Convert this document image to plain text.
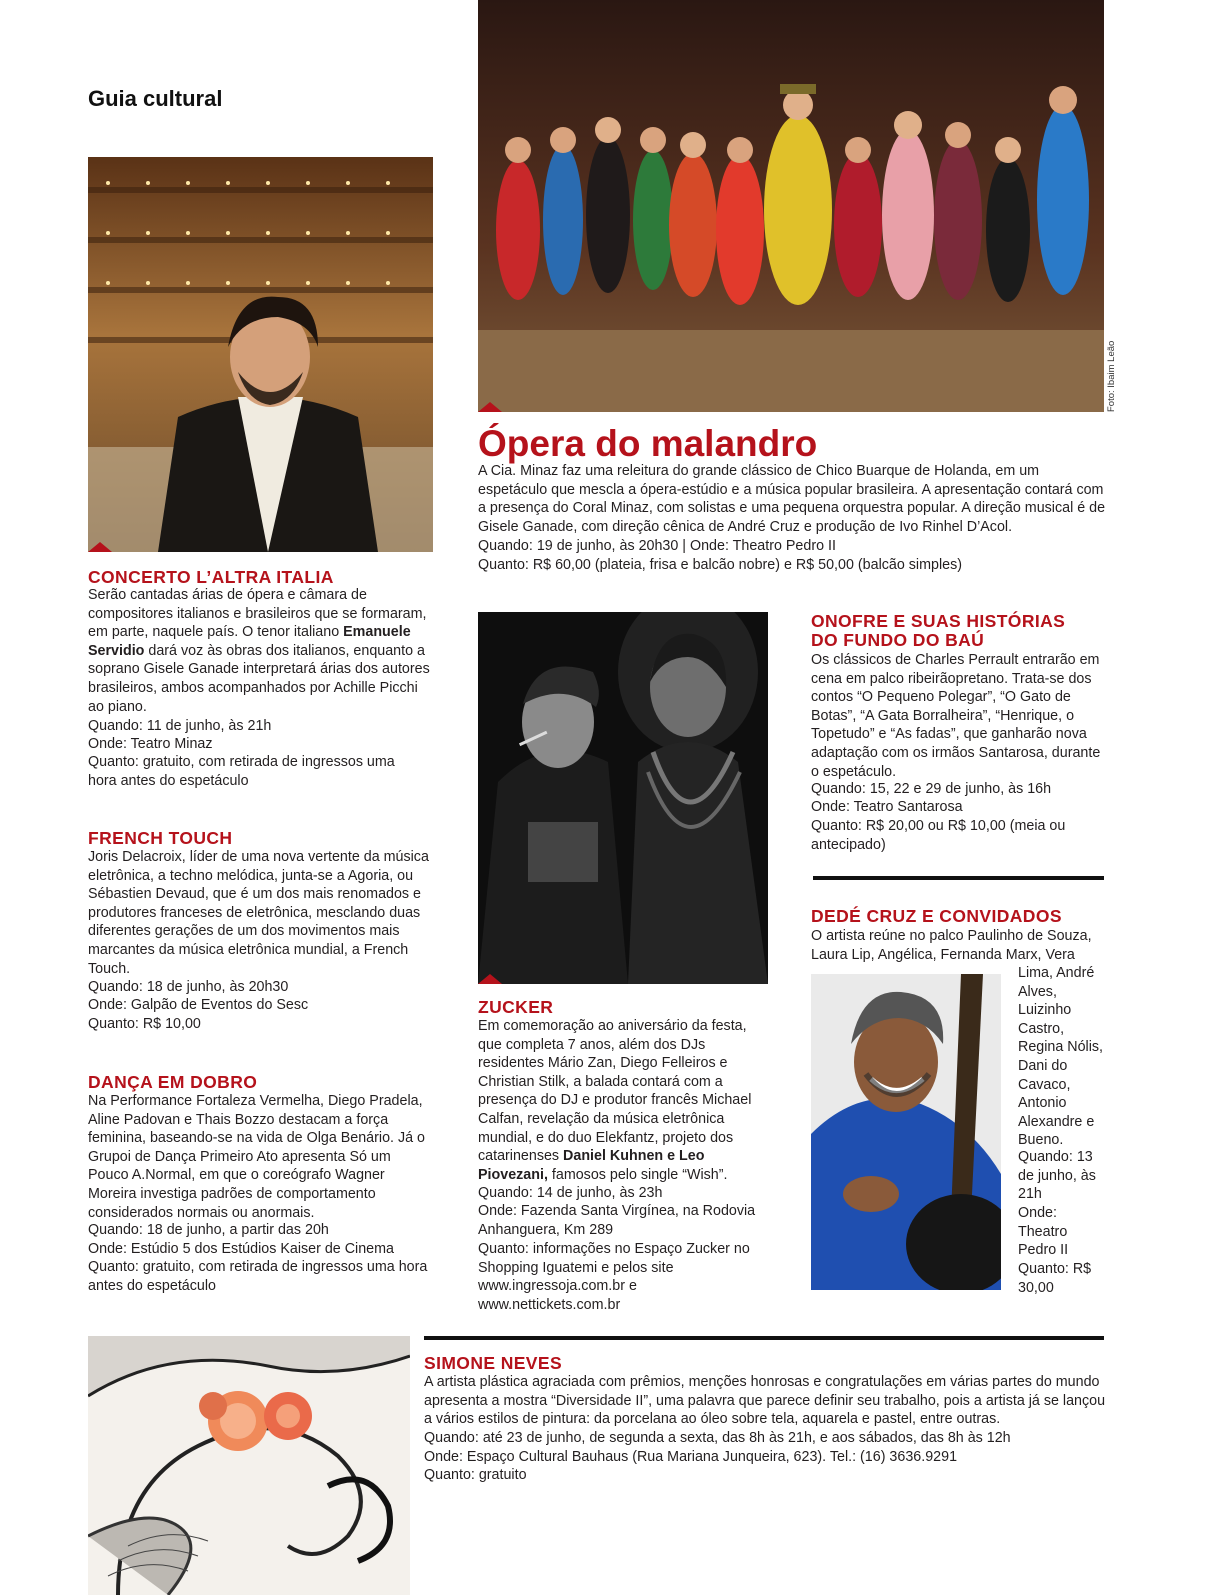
Guia cultural
Foto: Ibaim Leão
Ópera do malandro
A Cia. Minaz faz uma releitura do grande clássico de Chico Buarque de Holanda, em um espetáculo que mescla a ópera-estúdio e a música popular brasileira. A apresentação contará com a presença do Coral Minaz, com solistas e uma pequena orquestra popular. A direção musical é de Gisele Ganade, com direção cênica de André Cruz e produção de Ivo Rinhel D’Acol.
Quando: 19 de junho, às 20h30 | Onde: Theatro Pedro II
Quanto: R$ 60,00 (plateia, frisa e balcão nobre) e R$ 50,00 (balcão simples)
CONCERTO L’ALTRA ITALIA
Serão cantadas árias de ópera e câmara de compositores italianos e brasileiros que se formaram, em parte, naquele país. O tenor italiano Emanuele Servidio dará voz às obras dos italianos, enquanto a soprano Gisele Ganade interpretará árias dos autores brasileiros, ambos acompanhados por Achille Picchi ao piano.
Quando: 11 de junho, às 21h
Onde: Teatro Minaz
Quanto: gratuito, com retirada de ingressos uma hora antes do espetáculo
FRENCH TOUCH
Joris Delacroix, líder de uma nova vertente da música eletrônica, a techno melódica, junta-se a Agoria, ou Sébastien Devaud, que é um dos mais renomados e produtores franceses de eletrônica, mesclando duas diferentes gerações de um dos movimentos mais marcantes da música eletrônica mundial, a French Touch.
Quando: 18 de junho, às 20h30
Onde: Galpão de Eventos do Sesc
Quanto: R$ 10,00
DANÇA EM DOBRO
Na Performance Fortaleza Vermelha, Diego Pradela, Aline Padovan e Thais Bozzo destacam a força feminina, baseando-se na vida de Olga Benário. Já o Grupoi de Dança Primeiro Ato apresenta Só um Pouco A.Normal, em que o coreógrafo Wagner Moreira investiga padrões de comportamento considerados normais ou anormais.
Quando: 18 de junho, a partir das 20h
Onde: Estúdio 5 dos Estúdios Kaiser de Cinema
Quanto: gratuito, com retirada de ingressos uma hora antes do espetáculo
ZUCKER
Em comemoração ao aniversário da festa, que completa 7 anos, além dos DJs residentes Mário Zan, Diego Felleiros e Christian Stilk, a balada contará com a presença do DJ e produtor francês Michael Calfan, revelação da música eletrônica mundial, e do duo Elekfantz, projeto dos catarinenses Daniel Kuhnen e Leo Piovezani, famosos pelo single “Wish”.
Quando: 14 de junho, às 23h
Onde: Fazenda Santa Virgínea, na Rodovia Anhanguera, Km 289
Quanto: informações no Espaço Zucker no Shopping Iguatemi e pelos site www.ingressoja.com.br e www.nettickets.com.br
ONOFRE E SUAS HISTÓRIAS DO FUNDO DO BAÚ
Os clássicos de Charles Perrault entrarão em cena em palco ribeirãopretano. Trata-se dos contos “O Pequeno Polegar”, “O Gato de Botas”, “A Gata Borralheira”, “Henrique, o Topetudo” e “As fadas”, que ganharão nova adaptação com os irmãos Santarosa, durante o espetáculo.
Quando: 15, 22 e 29 de junho, às 16h
Onde: Teatro Santarosa
Quanto: R$ 20,00 ou R$ 10,00 (meia ou antecipado)
DEDÉ CRUZ E CONVIDADOS
O artista reúne no palco Paulinho de Souza, Laura Lip, Angélica, Fernanda Marx, Vera
Lima, André Alves, Luizinho Castro, Regina Nólis, Dani do Cavaco, Antonio Alexandre e Bueno.
Quando: 13 de junho, às 21h
Onde: Theatro Pedro II
Quanto: R$ 30,00
SIMONE NEVES
A artista plástica agraciada com prêmios, menções honrosas e congratulações em várias partes do mundo apresenta a mostra “Diversidade II”, uma palavra que parece definir seu trabalho, pois a artista já se lançou a vários estilos de pintura: da porcelana ao óleo sobre tela, aquarela e pastel, entre outras.
Quando: até 23 de junho, de segunda a sexta, das 8h às 21h, e aos sábados, das 8h às 12h
Onde: Espaço Cultural Bauhaus (Rua Mariana Junqueira, 623). Tel.: (16) 3636.9291
Quanto: gratuito
